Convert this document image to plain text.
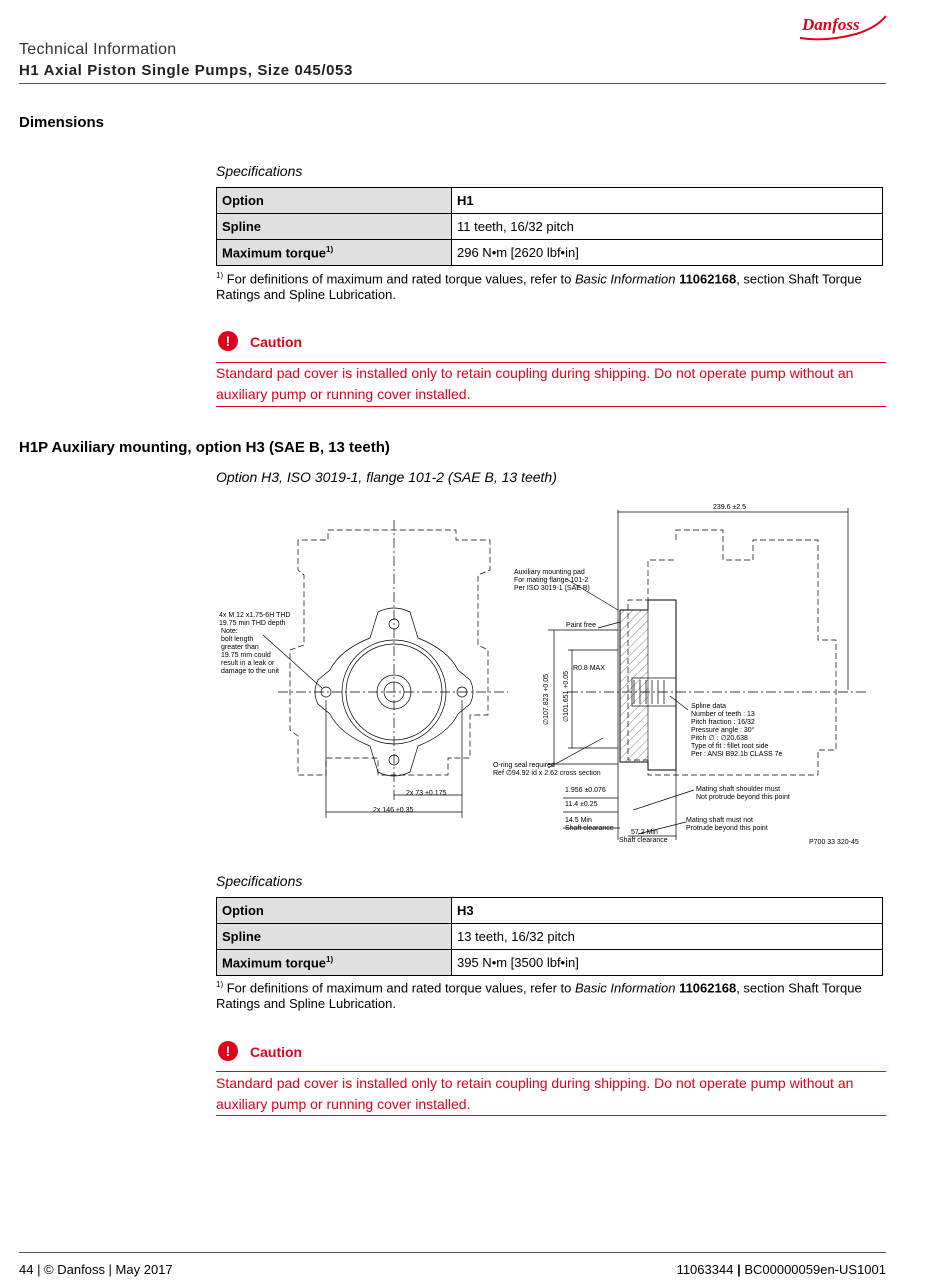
Technical Information
H1 Axial Piston Single Pumps, Size 045/053
Danfoss
Dimensions
Specifications
Option	H1
Spline	11 teeth, 16/32 pitch
Maximum torque$^{1)}$	296 N•m [2620 lbf•in]
$^{1)}$ For definitions of maximum and rated torque values, refer to Basic Information 11062168, section Shaft Torque Ratings and Spline Lubrication.
!	Caution
Standard pad cover is installed only to retain coupling during shipping. Do not operate pump without an auxiliary pump or running cover installed.
H1P Auxiliary mounting, option H3 (SAE B, 13 teeth)
Option H3, ISO 3019-1, flange 101-2 (SAE B, 13 teeth)
4x M 12 x1.75-6H THD
19.75 min THD depth
Note:
bolt length
greater than
19.75 mm could
result in a leak or
damage to the unit
2x 73 ±0.175
2x 146 ±0.35
239.6 ±2.5
Auxiliary mounting pad
For mating flange 101-2
Per ISO 3019-1 (SAE B)
Paint free
R0.8 MAX
∅107.823 +0.05 ∅101.651 +0.05	Spline data
Number of teeth : 13
Pitch fraction : 16/32
Pressure angle : 30°
Pitch ∅ : ∅20.638
Type of fit : fillet root side
Per : ANSI B92.1b CLASS 7e
O-ring seal required
Ref ∅94.92 id x 2.62 cross section
1.956 ±0.076
11.4 ±0.25
14.5 Min
Shaft clearance
57.2 Min
Shaft clearance
Mating shaft shoulder must
Not protrude beyond this point
Mating shaft must not
Protrude beyond this point
P700 33 320-45
Specifications
Option	H3
Spline	13 teeth, 16/32 pitch
Maximum torque$^{1)}$	395 N•m [3500 lbf•in]
$^{1)}$ For definitions of maximum and rated torque values, refer to Basic Information 11062168, section Shaft Torque Ratings and Spline Lubrication.
!	Caution
Standard pad cover is installed only to retain coupling during shipping. Do not operate pump without an auxiliary pump or running cover installed.
44 | © Danfoss | May 2017	11063344 | BC00000059en-US1001
